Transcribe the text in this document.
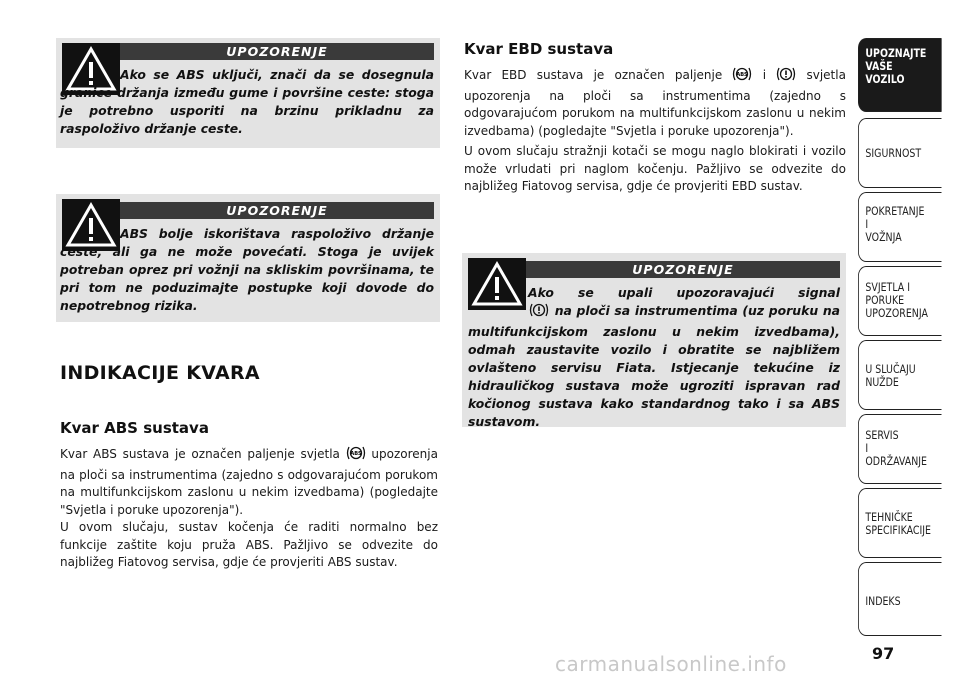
UPOZORENJE
Ako se ABS uključi, znači da se dosegnula granice držanja između gume i površine ceste: stoga je potrebno usporiti na brzinu prikladnu za raspoloživo držanje ceste.
UPOZORENJE
ABS bolje iskorištava raspoloživo držanje ceste, ali ga ne može povećati. Stoga je uvijek potreban oprez pri vožnji na skliskim površinama, te pri tom ne poduzimajte postupke koji dovode do nepotrebnog rizika.
INDIKACIJE KVARA
Kvar ABS sustava
Kvar ABS sustava je označen paljenje svjetla ABS upozorenja na ploči sa instrumentima (zajedno s odgovarajućom porukom na multifunkcijskom zaslonu u nekim izvedbama) (pogledajte "Svjetla i poruke upozorenja").
U ovom slučaju, sustav kočenja će raditi normalno bez funkcije zaštite koju pruža ABS. Pažljivo se odvezite do najbližeg Fiatovog servisa, gdje će provjeriti ABS sustav.
Kvar EBD sustava
Kvar EBD sustava je označen paljenje	ABS i	svjetla upozorenja na ploči sa instrumentima (zajedno s odgovarajućom porukom na multifunkcijskom zaslonu u nekim izvedbama) (pogledajte "Svjetla i poruke upozorenja").
U ovom slučaju stražnji kotači se mogu naglo blokirati i vozilo može vrludati pri naglom kočenju. Pažljivo se odvezite do najbližeg Fiatovog servisa, gdje će provjeriti EBD sustav.
UPOZORENJE
Ako se upali upozoravajući signal  na ploči sa instrumentima (uz poruku na multifunkcijskom zaslonu u nekim izvedbama), odmah zaustavite vozilo i obratite se najbližem ovlašteno servisu Fiata. Istjecanje tekućine iz hidrauličkog sustava može ugroziti ispravan rad kočionog sustava kako standardnog tako i sa ABS sustavom.
UPOZNAJTE
VAŠE
VOZILO
SIGURNOST
POKRETANJE
I
VOŽNJA
SVJETLA I
PORUKE
UPOZORENJA
U SLUČAJU
NUŽDE
SERVIS
I
ODRŽAVANJE
TEHNIČKE
SPECIFIKACIJE
INDEKS
97
carmanualsonline.info
